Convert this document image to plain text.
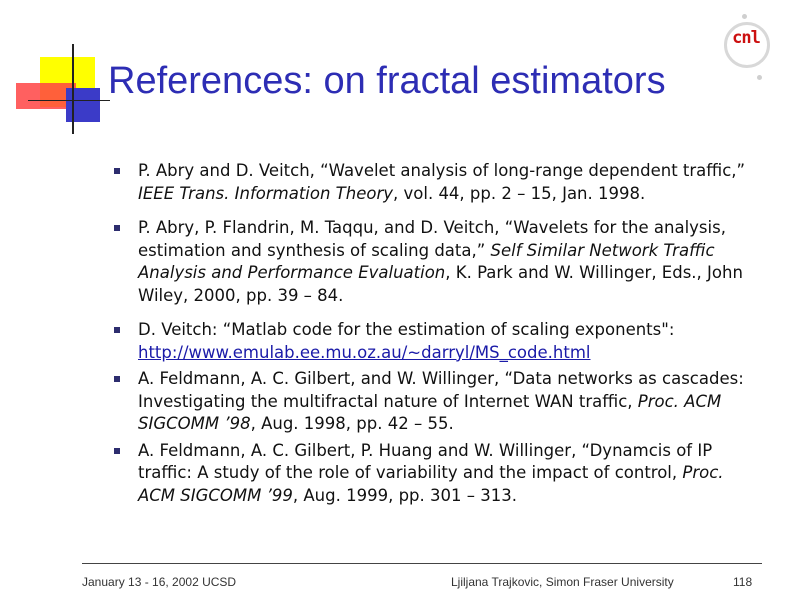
References: on fractal estimators
cnl
P. Abry and D. Veitch, “Wavelet analysis of long-range dependent traffic,” IEEE Trans. Information Theory, vol. 44, pp. 2 – 15, Jan. 1998.
P. Abry, P. Flandrin, M. Taqqu, and D. Veitch, “Wavelets for the analysis, estimation and synthesis of scaling data,” Self Similar Network Traffic Analysis and Performance Evaluation, K. Park and W. Willinger, Eds., John Wiley, 2000, pp. 39 – 84.
D. Veitch: “Matlab code for the estimation of scaling exponents": http://www.emulab.ee.mu.oz.au/~darryl/MS_code.html
A. Feldmann, A. C. Gilbert, and W. Willinger, “Data networks as cascades: Investigating the multifractal nature of Internet WAN traffic, Proc. ACM SIGCOMM ’98, Aug. 1998, pp. 42 – 55.
A. Feldmann, A. C. Gilbert, P. Huang and W. Willinger, “Dynamcis of IP traffic: A study of the role of variability and the impact of control, Proc. ACM SIGCOMM ’99, Aug. 1999, pp. 301 – 313.
January 13 - 16, 2002 UCSD	Ljiljana Trajkovic, Simon Fraser University	118
